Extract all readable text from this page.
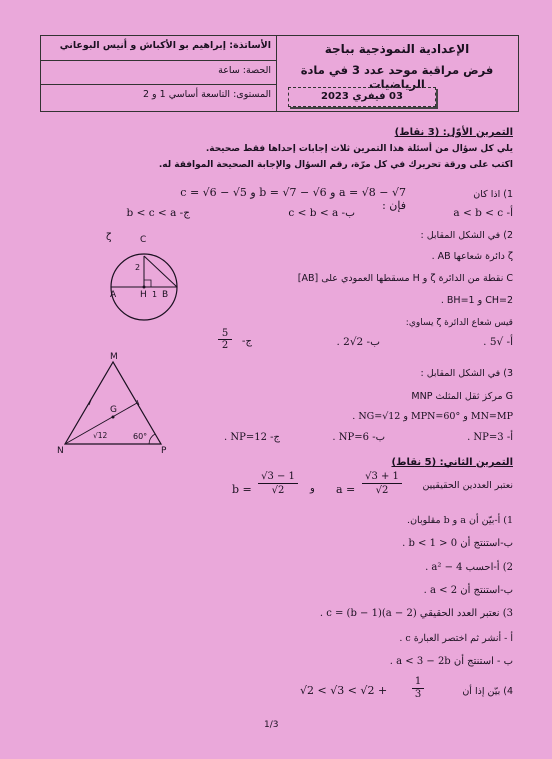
الأساتذة: إبراهيم بو الأكباش و أنيس البوعاني
الحصة: ساعة
المستوى: التاسعة أساسي 1 و 2
الإعدادية النموذجية بباجة
فرض مراقبة موحد عدد 3 في مادة الرياضيات
03 فيفري 2023
التمرين الأوّل: (3 نقاط)
يلي كل سؤال من أسئلة هذا التمرين ثلاث إجابات إحداها فقط صحيحة.
اكتب على ورقة تحريرك في كل مرّة، رقم السؤال والإجابة الصحيحة الموافقة له.
1) اذا كان
a = √8 − √7 و b = √7 − √6 و c = √6 − √5 فإن :
أ- a < b < c
ب- c < b < a
ج- b < c < a
2) في الشكل المقابل :
ζ دائرة شعاعها AB .
C نقطة من الدائرة ζ و H مسقطها العمودي على [AB]
CH=2 و BH=1 .
قيس شعاع الدائرة ζ يساوي:
أ- √5 .
ب- 2√2 .
ج-
$\frac{5}{2}$
ζ	C
2
A	H 1 B
3) في الشكل المقابل :
G مركز ثقل المثلث MNP
MN=MP و MPN=60° و NG=√12 .
أ- NP=3 .
ب- NP=6 .
ج- NP=12 .
M
G
√12	60°
N	P
التمرين الثاني: (5 نقاط)
نعتبر العددين الحقيقيين
$a = \frac{√3 + 1}{√2}$
و
$b = \frac{√3 - 1}{√2}$
1) أ-بيّن أن a و b مقلوبان.
ب-استنتج أن 0 < b < 1 .
2) أ-احسب a² − 4 .
ب-استنتج أن a < 2 .
3) نعتبر العدد الحقيقي c = (b − 1)(a − 2) .
أ - أنشر ثم اختصر العبارة c .
ب - استنتج أن a < 3 − 2b .
4) بيّن إذا أن
$√2 < √3 < √2 + \frac{1}{3}$
1/3
